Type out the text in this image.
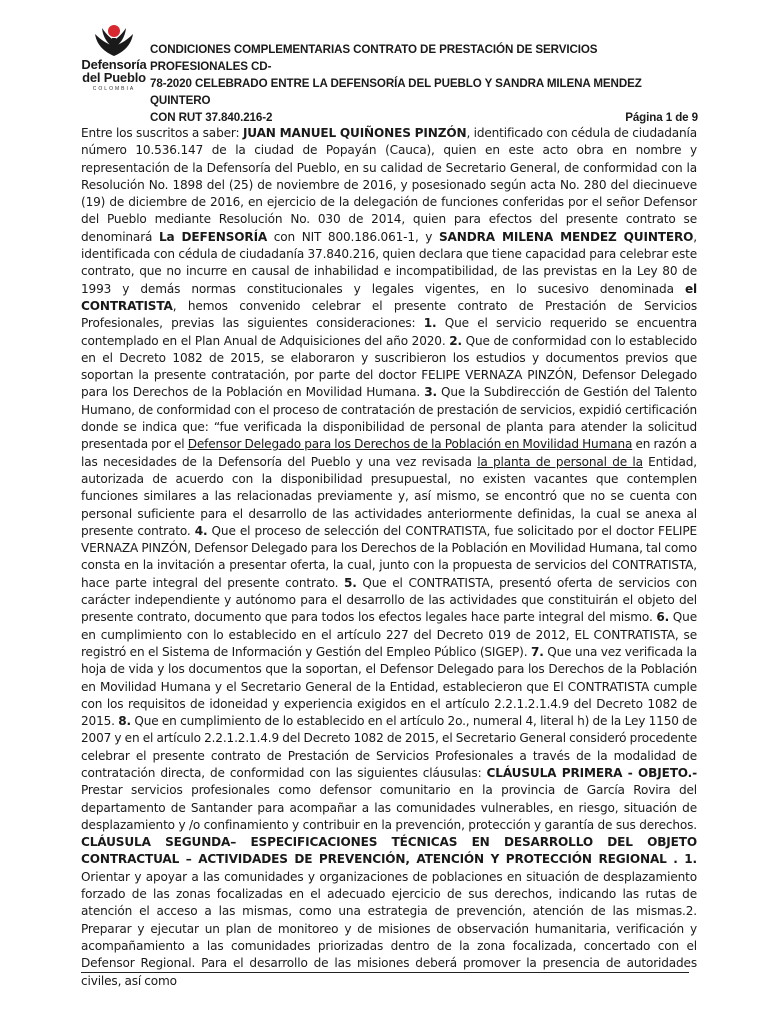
Defensoría
del Pueblo
COLOMBIA
CONDICIONES COMPLEMENTARIAS CONTRATO DE PRESTACIÓN DE SERVICIOS PROFESIONALES CD-
78-2020 CELEBRADO ENTRE LA DEFENSORÍA DEL PUEBLO Y SANDRA MILENA MENDEZ QUINTERO
CON RUT 37.840.216-2	Página 1 de 9
Entre los suscritos a saber: JUAN MANUEL QUIÑONES PINZÓN, identificado con cédula de ciudadanía número 10.536.147 de la ciudad de Popayán (Cauca), quien en este acto obra en nombre y representación de la Defensoría del Pueblo, en su calidad de Secretario General, de conformidad con la Resolución No. 1898 del (25) de noviembre de 2016, y posesionado según acta No. 280 del diecinueve (19) de diciembre de 2016, en ejercicio de la delegación de funciones conferidas por el señor Defensor del Pueblo mediante Resolución No. 030 de 2014, quien para efectos del presente contrato se denominará La DEFENSORÍA con NIT 800.186.061-1, y SANDRA MILENA MENDEZ QUINTERO, identificada con cédula de ciudadanía 37.840.216, quien declara que tiene capacidad para celebrar este contrato, que no incurre en causal de inhabilidad e incompatibilidad, de las previstas en la Ley 80 de 1993 y demás normas constitucionales y legales vigentes, en lo sucesivo denominada el CONTRATISTA, hemos convenido celebrar el presente contrato de Prestación de Servicios Profesionales, previas las siguientes consideraciones: 1. Que el servicio requerido se encuentra contemplado en el Plan Anual de Adquisiciones del año 2020. 2. Que de conformidad con lo establecido en el Decreto 1082 de 2015, se elaboraron y suscribieron los estudios y documentos previos que soportan la presente contratación, por parte del doctor FELIPE VERNAZA PINZÓN, Defensor Delegado para los Derechos de la Población en Movilidad Humana. 3. Que la Subdirección de Gestión del Talento Humano, de conformidad con el proceso de contratación de prestación de servicios, expidió certificación donde se indica que: “fue verificada la disponibilidad de personal de planta para atender la solicitud presentada por el Defensor Delegado para los Derechos de la Población en Movilidad Humana en razón a las necesidades de la Defensoría del Pueblo y una vez revisada la planta de personal de la Entidad, autorizada de acuerdo con la disponibilidad presupuestal, no existen vacantes que contemplen funciones similares a las relacionadas previamente y, así mismo, se encontró que no se cuenta con personal suficiente para el desarrollo de las actividades anteriormente definidas, la cual se anexa al presente contrato. 4. Que el proceso de selección del CONTRATISTA, fue solicitado por el doctor FELIPE VERNAZA PINZÓN, Defensor Delegado para los Derechos de la Población en Movilidad Humana, tal como consta en la invitación a presentar oferta, la cual, junto con la propuesta de servicios del CONTRATISTA, hace parte integral del presente contrato. 5. Que el CONTRATISTA, presentó oferta de servicios con carácter independiente y autónomo para el desarrollo de las actividades que constituirán el objeto del presente contrato, documento que para todos los efectos legales hace parte integral del mismo. 6. Que en cumplimiento con lo establecido en el artículo 227 del Decreto 019 de 2012, EL CONTRATISTA, se registró en el Sistema de Información y Gestión del Empleo Público (SIGEP). 7. Que una vez verificada la hoja de vida y los documentos que la soportan, el Defensor Delegado para los Derechos de la Población en Movilidad Humana y el Secretario General de la Entidad, establecieron que El CONTRATISTA cumple con los requisitos de idoneidad y experiencia exigidos en el artículo 2.2.1.2.1.4.9 del Decreto 1082 de 2015. 8. Que en cumplimiento de lo establecido en el artículo 2o., numeral 4, literal h) de la Ley 1150 de 2007 y en el artículo 2.2.1.2.1.4.9 del Decreto 1082 de 2015, el Secretario General consideró procedente celebrar el presente contrato de Prestación de Servicios Profesionales a través de la modalidad de contratación directa, de conformidad con las siguientes cláusulas: CLÁUSULA PRIMERA - OBJETO.- Prestar servicios profesionales como defensor comunitario en la provincia de García Rovira del departamento de Santander para acompañar a las comunidades vulnerables, en riesgo, situación de desplazamiento y /o confinamiento y contribuir en la prevención, protección y garantía de sus derechos. CLÁUSULA SEGUNDA– ESPECIFICACIONES TÉCNICAS EN DESARROLLO DEL OBJETO CONTRACTUAL – ACTIVIDADES DE PREVENCIÓN, ATENCIÓN Y PROTECCIÓN REGIONAL . 1. Orientar y apoyar a las comunidades y organizaciones de poblaciones en situación de desplazamiento forzado de las zonas focalizadas en el adecuado ejercicio de sus derechos, indicando las rutas de atención el acceso a las mismas, como una estrategia de prevención, atención de las mismas.2. Preparar y ejecutar un plan de monitoreo y de misiones de observación humanitaria, verificación y acompañamiento a las comunidades priorizadas dentro de la zona focalizada, concertado con el Defensor Regional. Para el desarrollo de las misiones deberá promover la presencia de autoridades civiles, así como
